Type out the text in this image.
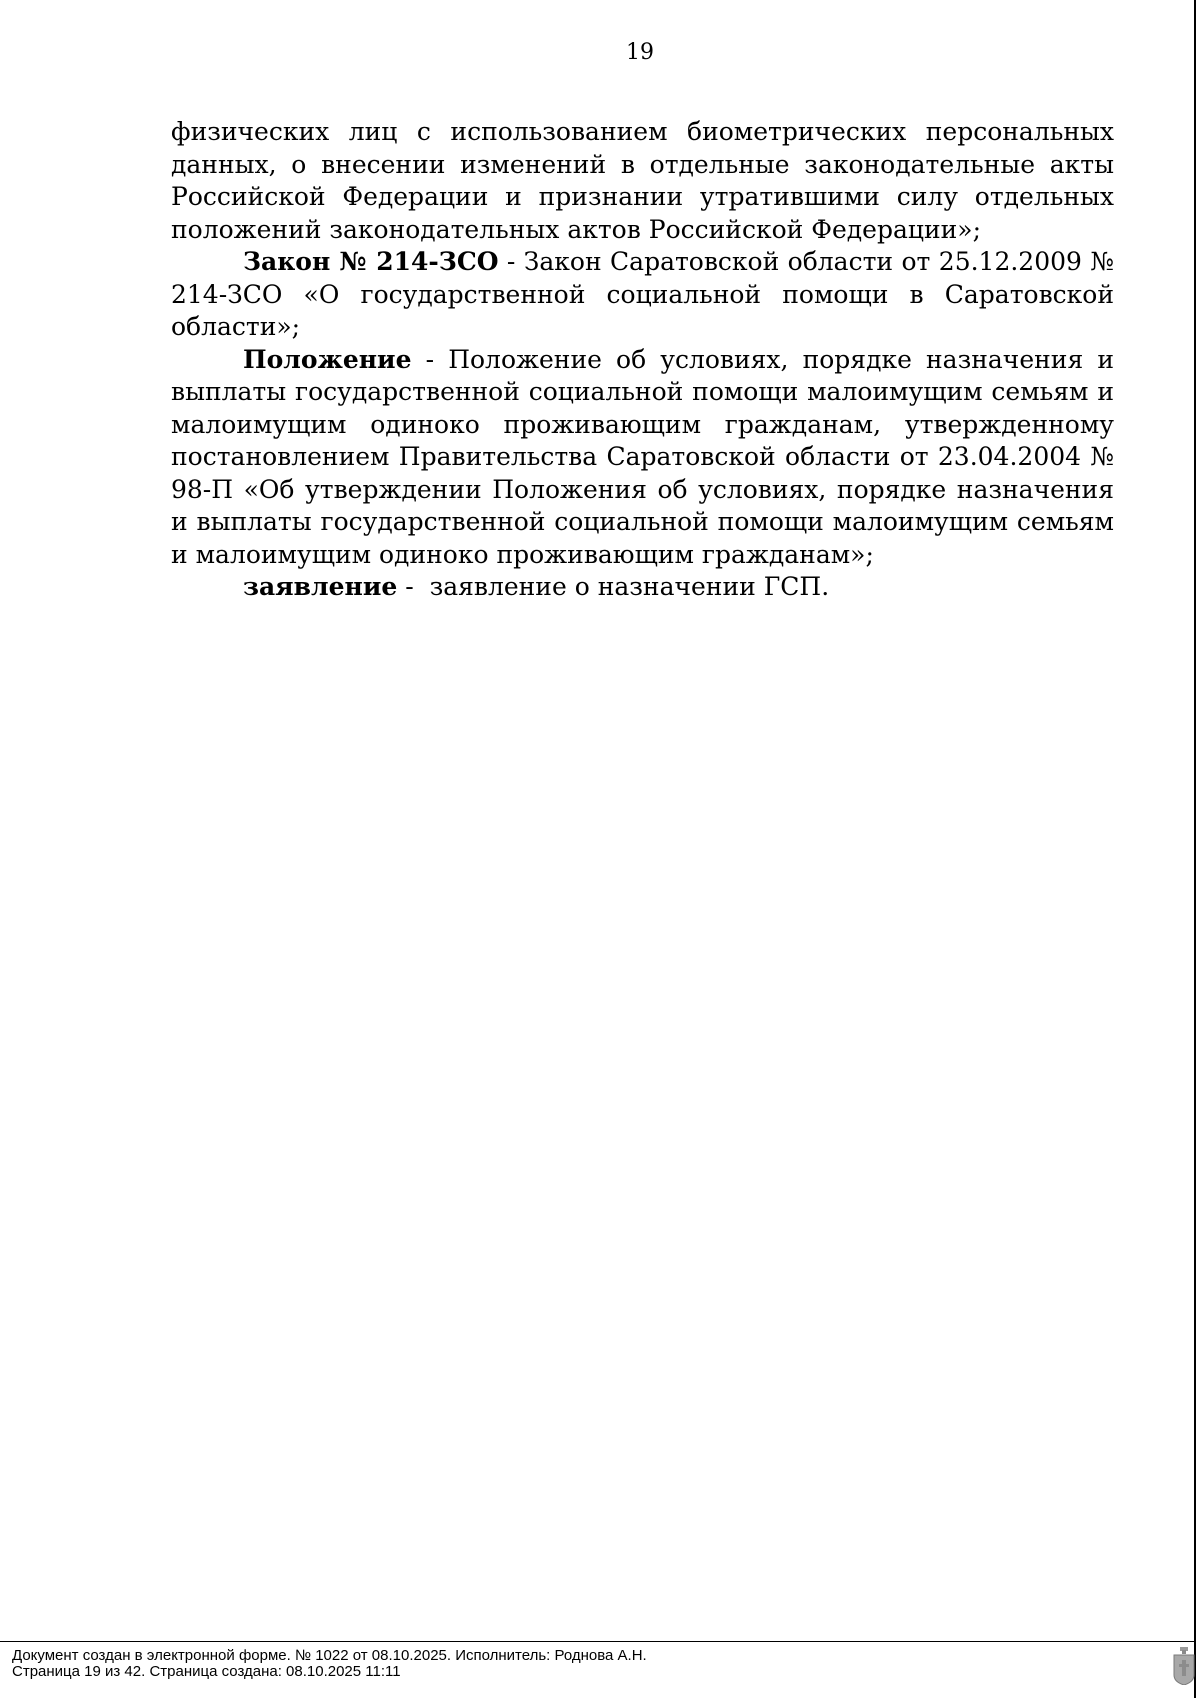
19

физических лиц с использованием биометрических персональных данных, о внесении изменений в отдельные законодательные акты Российской Федерации и признании утратившими силу отдельных положений законодательных актов Российской Федерации»;

Закон № 214-ЗСО - Закон Саратовской области от 25.12.2009 № 214-ЗСО «О государственной социальной помощи в Саратовской области»;

Положение - Положение об условиях, порядке назначения и выплаты государственной социальной помощи малоимущим семьям и малоимущим одиноко проживающим гражданам, утвержденному постановлением Правительства Саратовской области от 23.04.2004 № 98-П «Об утверждении Положения об условиях, порядке назначения и выплаты государственной социальной помощи малоимущим семьям и малоимущим одиноко проживающим гражданам»;

заявление -  заявление о назначении ГСП.

Документ создан в электронной форме. № 1022 от 08.10.2025. Исполнитель: Роднова А.Н.
Страница 19 из 42. Страница создана: 08.10.2025 11:11
